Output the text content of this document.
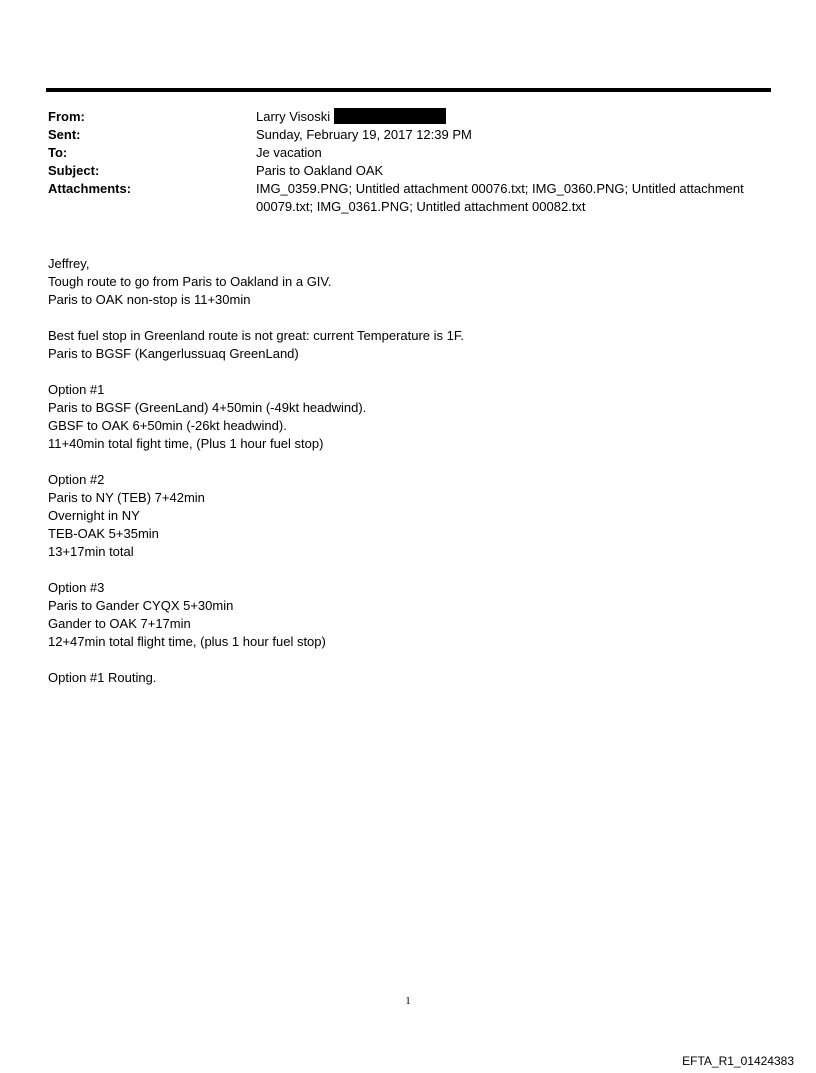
From:	Larry Visoski
Sent:	Sunday, February 19, 2017 12:39 PM
To:	Je vacation
Subject:	Paris to Oakland OAK
Attachments:	IMG_0359.PNG; Untitled attachment 00076.txt; IMG_0360.PNG; Untitled attachment
00079.txt; IMG_0361.PNG; Untitled attachment 00082.txt
Jeffrey,
Tough route to go from Paris to Oakland in a GIV.
Paris to OAK non-stop is 11+30min
Best fuel stop in Greenland route is not great: current Temperature is 1F.
Paris to BGSF (Kangerlussuaq GreenLand)
Option #1
Paris to BGSF (GreenLand) 4+50min (-49kt headwind).
GBSF to OAK 6+50min (-26kt headwind).
11+40min total fight time, (Plus 1 hour fuel stop)
Option #2
Paris to NY (TEB) 7+42min
Overnight in NY
TEB-OAK 5+35min
13+17min total
Option #3
Paris to Gander CYQX 5+30min
Gander to OAK 7+17min
12+47min total flight time, (plus 1 hour fuel stop)
Option #1 Routing.
1
EFTA_R1_01424383
